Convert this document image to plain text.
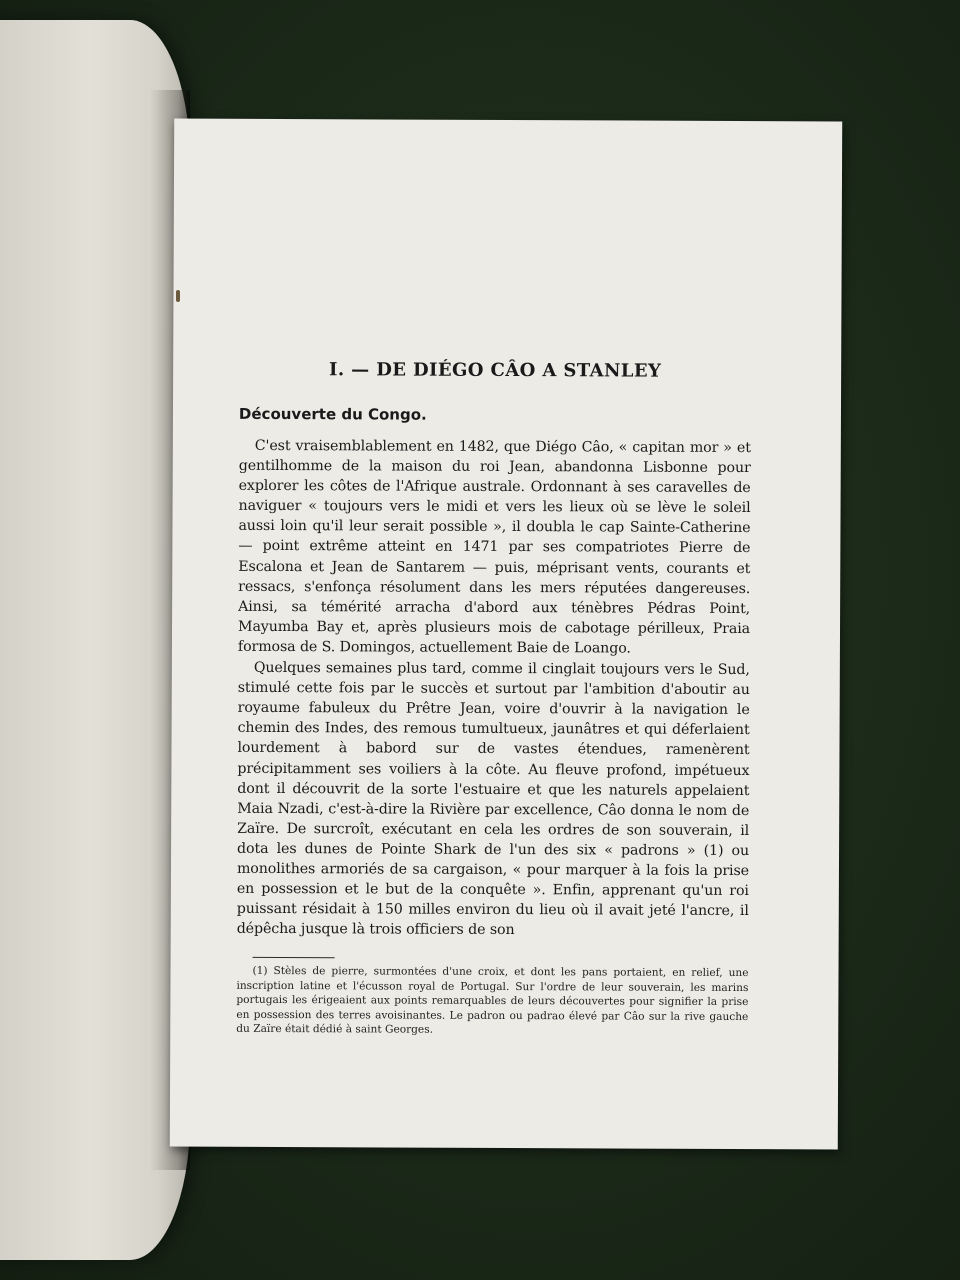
I. — DE DIÉGO CÂO A STANLEY
Découverte du Congo.

C'est vraisemblablement en 1482, que Diégo Câo, « capitan mor » et gentilhomme de la maison du roi Jean, abandonna Lisbonne pour explorer les côtes de l'Afrique australe. Ordonnant à ses caravelles de naviguer « toujours vers le midi et vers les lieux où se lève le soleil aussi loin qu'il leur serait possible », il doubla le cap Sainte-Catherine — point extrême atteint en 1471 par ses compatriotes Pierre de Escalona et Jean de Santarem — puis, méprisant vents, courants et ressacs, s'enfonça résolument dans les mers réputées dangereuses. Ainsi, sa témérité arracha d'abord aux ténèbres Pédras Point, Mayumba Bay et, après plusieurs mois de cabotage périlleux, Praia formosa de S. Domingos, actuellement Baie de Loango.

Quelques semaines plus tard, comme il cinglait toujours vers le Sud, stimulé cette fois par le succès et surtout par l'ambition d'aboutir au royaume fabuleux du Prêtre Jean, voire d'ouvrir à la navigation le chemin des Indes, des remous tumultueux, jaunâtres et qui déferlaient lourdement à babord sur de vastes étendues, ramenèrent précipitamment ses voiliers à la côte. Au fleuve profond, impétueux dont il découvrit de la sorte l'estuaire et que les naturels appelaient Maia Nzadi, c'est-à-dire la Rivière par excellence, Câo donna le nom de Zaïre. De surcroît, exécutant en cela les ordres de son souverain, il dota les dunes de Pointe Shark de l'un des six « padrons » (1) ou monolithes armoriés de sa cargaison, « pour marquer à la fois la prise en possession et le but de la conquête ». Enfin, apprenant qu'un roi puissant résidait à 150 milles environ du lieu où il avait jeté l'ancre, il dépêcha jusque là trois officiers de son

(1) Stèles de pierre, surmontées d'une croix, et dont les pans portaient, en relief, une inscription latine et l'écusson royal de Portugal. Sur l'ordre de leur souverain, les marins portugais les érigeaient aux points remarquables de leurs découvertes pour signifier la prise en possession des terres avoisinantes. Le padron ou padrao élevé par Câo sur la rive gauche du Zaïre était dédié à saint Georges.
